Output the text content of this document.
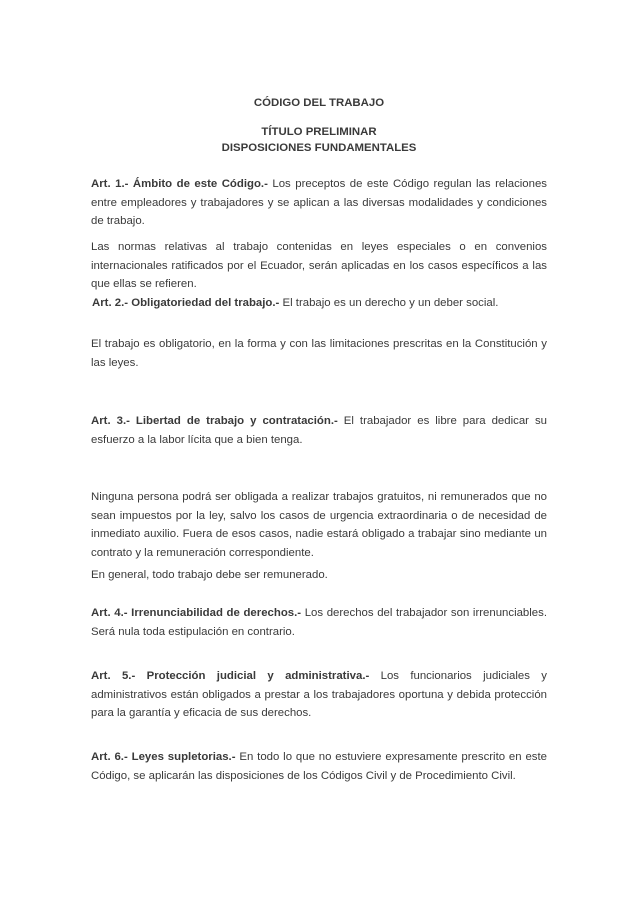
CÓDIGO DEL TRABAJO
TÍTULO PRELIMINAR
DISPOSICIONES FUNDAMENTALES
Art. 1.- Ámbito de este Código.- Los preceptos de este Código regulan las relaciones entre empleadores y trabajadores y se aplican a las diversas modalidades y condiciones de trabajo.
Las normas relativas al trabajo contenidas en leyes especiales o en convenios internacionales ratificados por el Ecuador, serán aplicadas en los casos específicos a las que ellas se refieren.
Art. 2.- Obligatoriedad del trabajo.- El trabajo es un derecho y un deber social.
El trabajo es obligatorio, en la forma y con las limitaciones prescritas en la Constitución y las leyes.
Art. 3.- Libertad de trabajo y contratación.- El trabajador es libre para dedicar su esfuerzo a la labor lícita que a bien tenga.
Ninguna persona podrá ser obligada a realizar trabajos gratuitos, ni remunerados que no sean impuestos por la ley, salvo los casos de urgencia extraordinaria o de necesidad de inmediato auxilio. Fuera de esos casos, nadie estará obligado a trabajar sino mediante un contrato y la remuneración correspondiente.
En general, todo trabajo debe ser remunerado.
Art. 4.- Irrenunciabilidad de derechos.- Los derechos del trabajador son irrenunciables. Será nula toda estipulación en contrario.
Art. 5.- Protección judicial y administrativa.- Los funcionarios judiciales y administrativos están obligados a prestar a los trabajadores oportuna y debida protección para la garantía y eficacia de sus derechos.
Art. 6.- Leyes supletorias.- En todo lo que no estuviere expresamente prescrito en este Código, se aplicarán las disposiciones de los Códigos Civil y de Procedimiento Civil.
